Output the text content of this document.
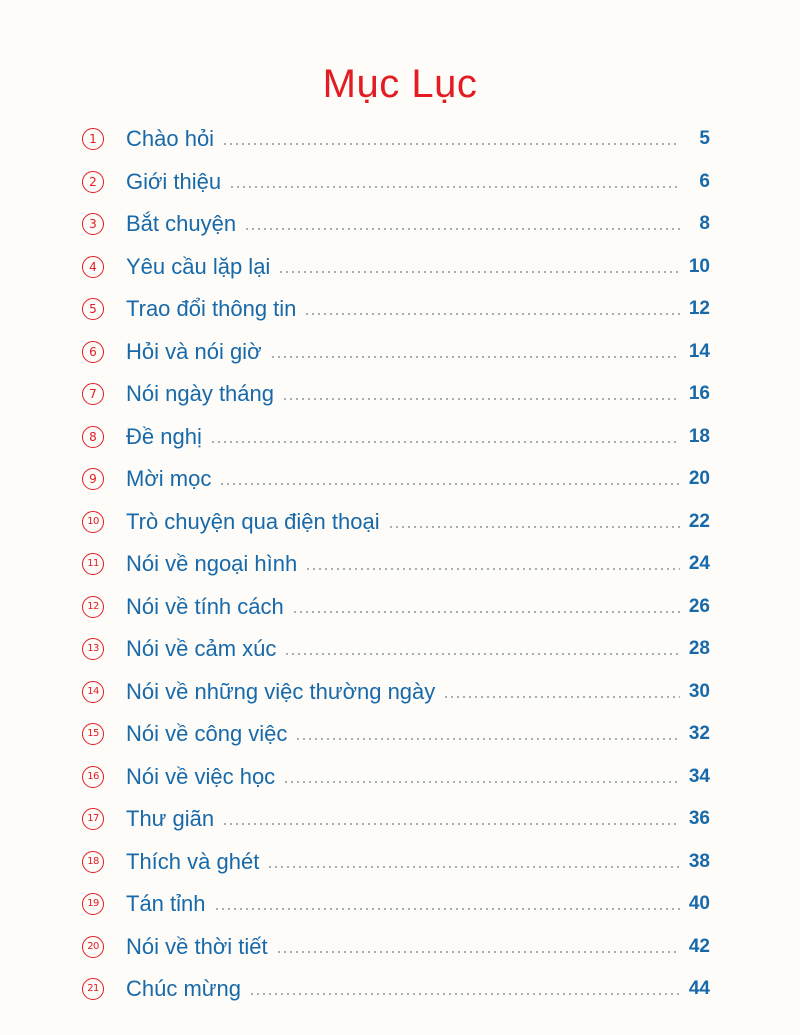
Mục Lục
1	Chào hỏi	5
2	Giới thiệu	6
3	Bắt chuyện	8
4	Yêu cầu lặp lại	10
5	Trao đổi thông tin	12
6	Hỏi và nói giờ	14
7	Nói ngày tháng	16
8	Đề nghị	18
9	Mời mọc	20
10 Trò chuyện qua điện thoại	22
11 Nói về ngoại hình	24
12 Nói về tính cách	26
13 Nói về cảm xúc	28
14 Nói về những việc thường ngày	30
15 Nói về công việc	32
16 Nói về việc học	34
17 Thư giãn	36
18 Thích và ghét	38
19 Tán tỉnh	40
20 Nói về thời tiết	42
21 Chúc mừng	44
